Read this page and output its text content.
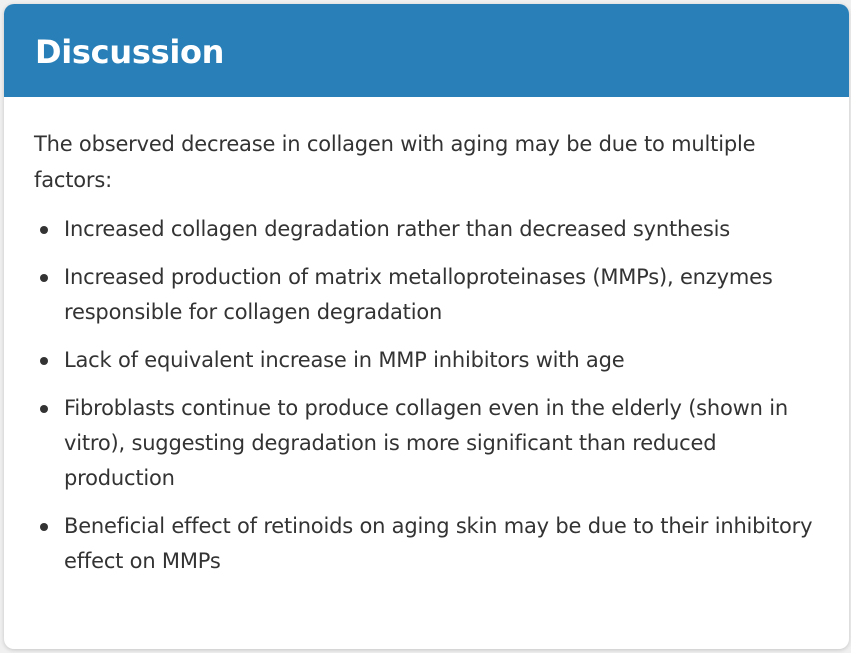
Discussion

The observed decrease in collagen with aging may be due to multiple factors:

Increased collagen degradation rather than decreased synthesis
Increased production of matrix metalloproteinases (MMPs), enzymes responsible for collagen degradation
Lack of equivalent increase in MMP inhibitors with age
Fibroblasts continue to produce collagen even in the elderly (shown in vitro), suggesting degradation is more significant than reduced production
Beneficial effect of retinoids on aging skin may be due to their inhibitory effect on MMPs
